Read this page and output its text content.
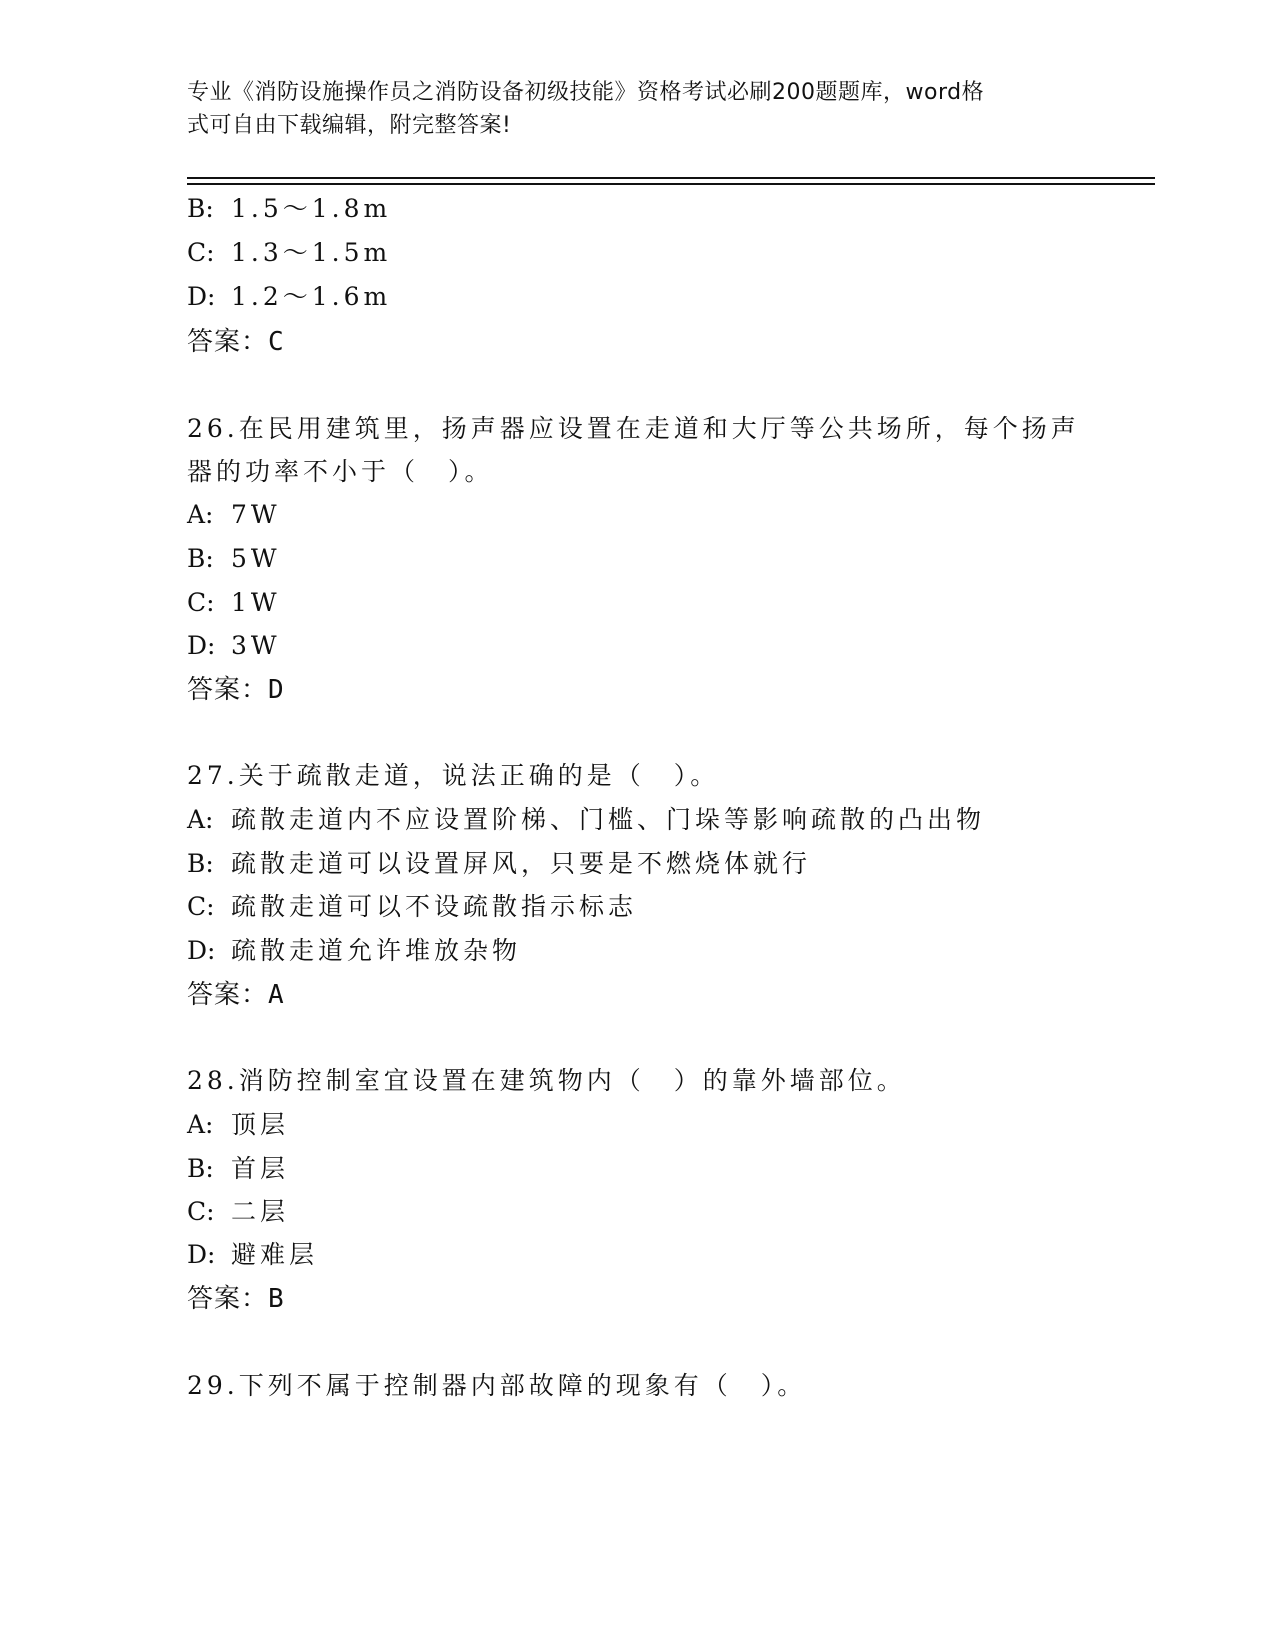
专业《消防设施操作员之消防设备初级技能》资格考试必刷200题题库，word格
式可自由下载编辑，附完整答案!
B: 1.5～1.8m
C: 1.3～1.5m
D: 1.2～1.6m
答案：C
26.在民用建筑里，扬声器应设置在走道和大厅等公共场所，每个扬声
器的功率不小于（　）。
A: 7W
B: 5W
C: 1W
D: 3W
答案：D
27.关于疏散走道，说法正确的是（　）。
A: 疏散走道内不应设置阶梯、门槛、门垛等影响疏散的凸出物
B: 疏散走道可以设置屏风，只要是不燃烧体就行
C: 疏散走道可以不设疏散指示标志
D: 疏散走道允许堆放杂物
答案：A
28.消防控制室宜设置在建筑物内（　）的靠外墙部位。
A: 顶层
B: 首层
C: 二层
D: 避难层
答案：B
29.下列不属于控制器内部故障的现象有（　）。
